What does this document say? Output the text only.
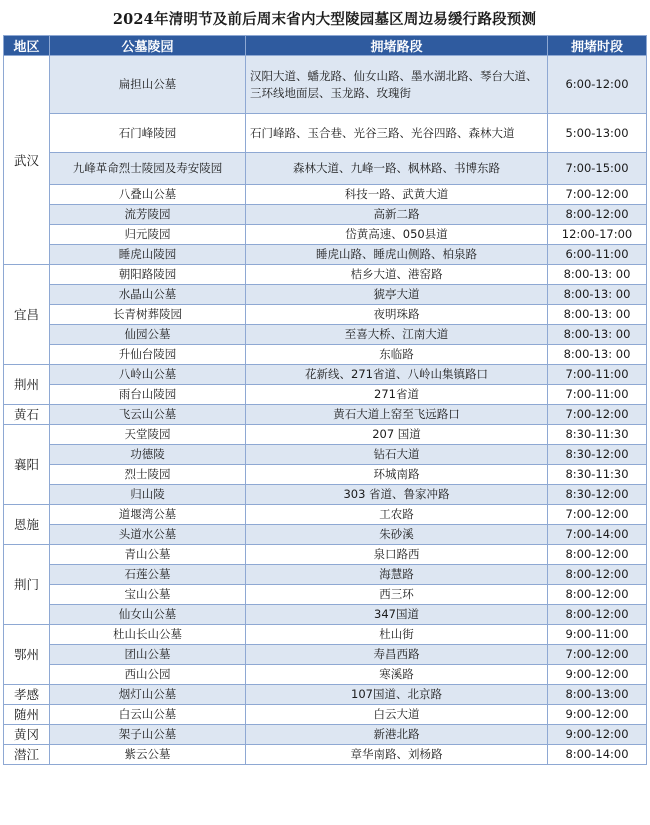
2024年清明节及前后周末省内大型陵园墓区周边易缓行路段预测
地区	公墓陵园	拥堵路段	拥堵时段
武汉	扁担山公墓	汉阳大道、蟠龙路、仙女山路、墨水湖北路、琴台大道、三环线地面层、玉龙路、玫瑰街	6:00-12:00
	石门峰陵园	石门峰路、玉合巷、光谷三路、光谷四路、森林大道	5:00-13:00
	九峰革命烈士陵园及寿安陵园	森林大道、九峰一路、枫林路、书博东路	7:00-15:00
	八叠山公墓	科技一路、武黄大道	7:00-12:00
	流芳陵园	高新二路	8:00-12:00
	归元陵园	岱黄高速、050县道	12:00-17:00
	睡虎山陵园	睡虎山路、睡虎山侧路、柏泉路	6:00-11:00
宜昌	朝阳路陵园	桔乡大道、港窑路	8:00-13: 00
	水晶山公墓	猇亭大道	8:00-13: 00
	长青树葬陵园	夜明珠路	8:00-13: 00
	仙园公墓	至喜大桥、江南大道	8:00-13: 00
	升仙台陵园	东临路	8:00-13: 00
荆州	八岭山公墓	花新线、271省道、八岭山集镇路口	7:00-11:00
	雨台山陵园	271省道	7:00-11:00
黄石	飞云山公墓	黄石大道上窑至飞远路口	7:00-12:00
襄阳	天堂陵园	207 国道	8:30-11:30
	功德陵	钻石大道	8:30-12:00
	烈士陵园	环城南路	8:30-11:30
	归山陵	303 省道、鲁家冲路	8:30-12:00
恩施	道堰湾公墓	工农路	7:00-12:00
	头道水公墓	朱砂溪	7:00-14:00
荆门	青山公墓	泉口路西	8:00-12:00
	石莲公墓	海慧路	8:00-12:00
	宝山公墓	西三环	8:00-12:00
	仙女山公墓	347国道	8:00-12:00
鄂州	杜山长山公墓	杜山街	9:00-11:00
	团山公墓	寿昌西路	7:00-12:00
	西山公园	寒溪路	9:00-12:00
孝感	烟灯山公墓	107国道、北京路	8:00-13:00
随州	白云山公墓	白云大道	9:00-12:00
黄冈	架子山公墓	新港北路	9:00-12:00
潜江	紫云公墓	章华南路、刘杨路	8:00-14:00
